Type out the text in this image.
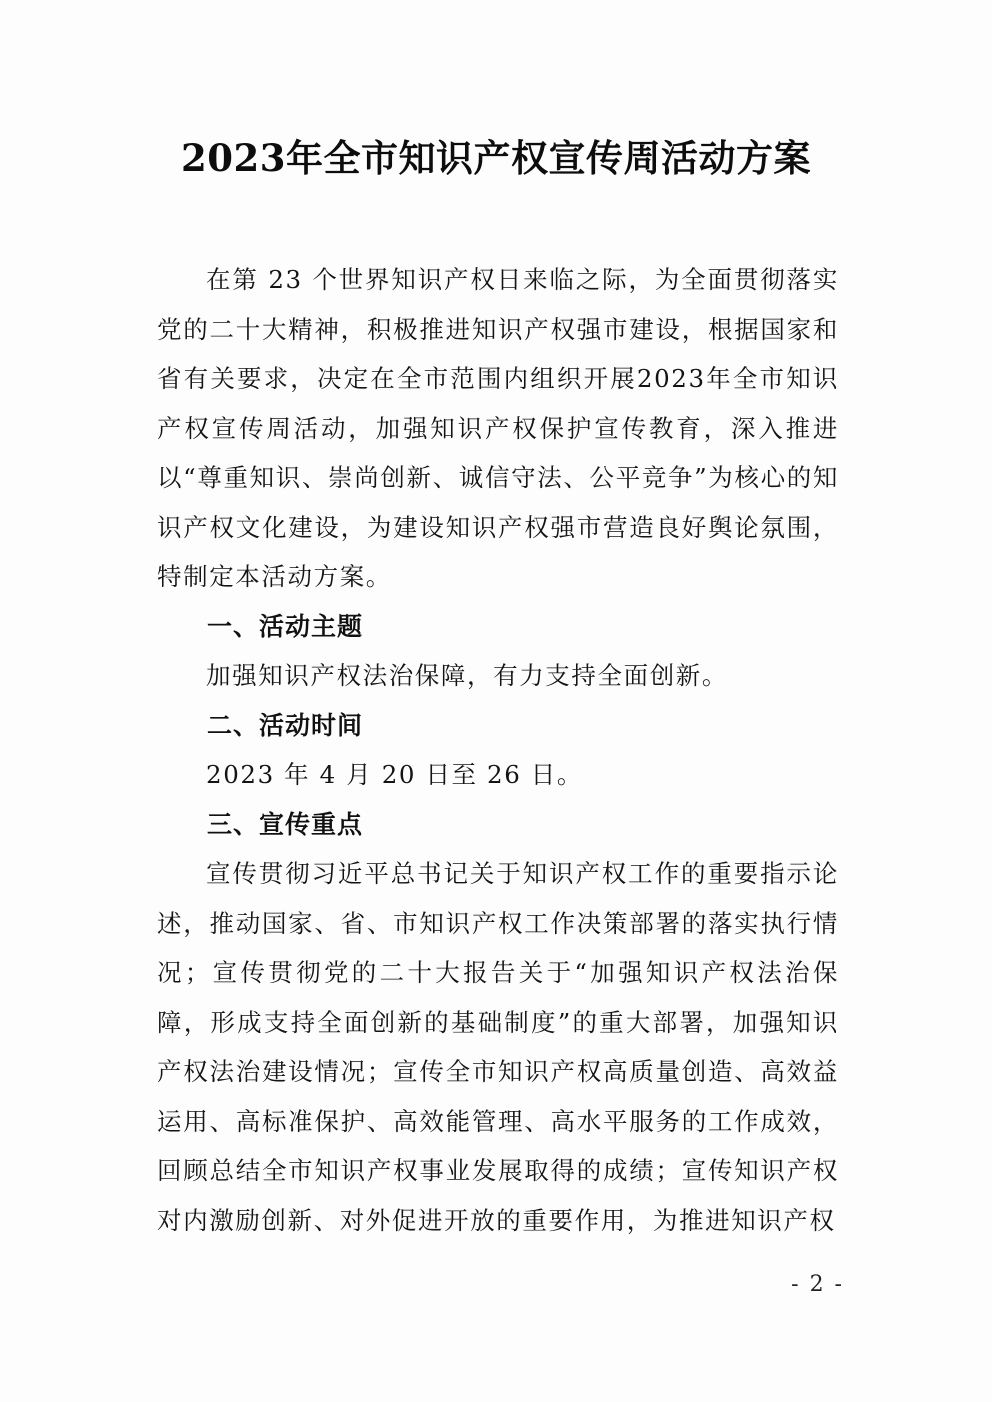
2023年全市知识产权宣传周活动方案

在第 23 个世界知识产权日来临之际，为全面贯彻落实党的二十大精神，积极推进知识产权强市建设，根据国家和省有关要求，决定在全市范围内组织开展2023年全市知识产权宣传周活动，加强知识产权保护宣传教育，深入推进以“尊重知识、崇尚创新、诚信守法、公平竞争”为核心的知识产权文化建设，为建设知识产权强市营造良好舆论氛围，特制定本活动方案。

一、活动主题

加强知识产权法治保障，有力支持全面创新。

二、活动时间

2023 年 4 月 20 日至 26 日。

三、宣传重点

宣传贯彻习近平总书记关于知识产权工作的重要指示论述，推动国家、省、市知识产权工作决策部署的落实执行情况；宣传贯彻党的二十大报告关于“加强知识产权法治保障，形成支持全面创新的基础制度”的重大部署，加强知识产权法治建设情况；宣传全市知识产权高质量创造、高效益运用、高标准保护、高效能管理、高水平服务的工作成效，回顾总结全市知识产权事业发展取得的成绩；宣传知识产权对内激励创新、对外促进开放的重要作用，为推进知识产权

- 2 -
